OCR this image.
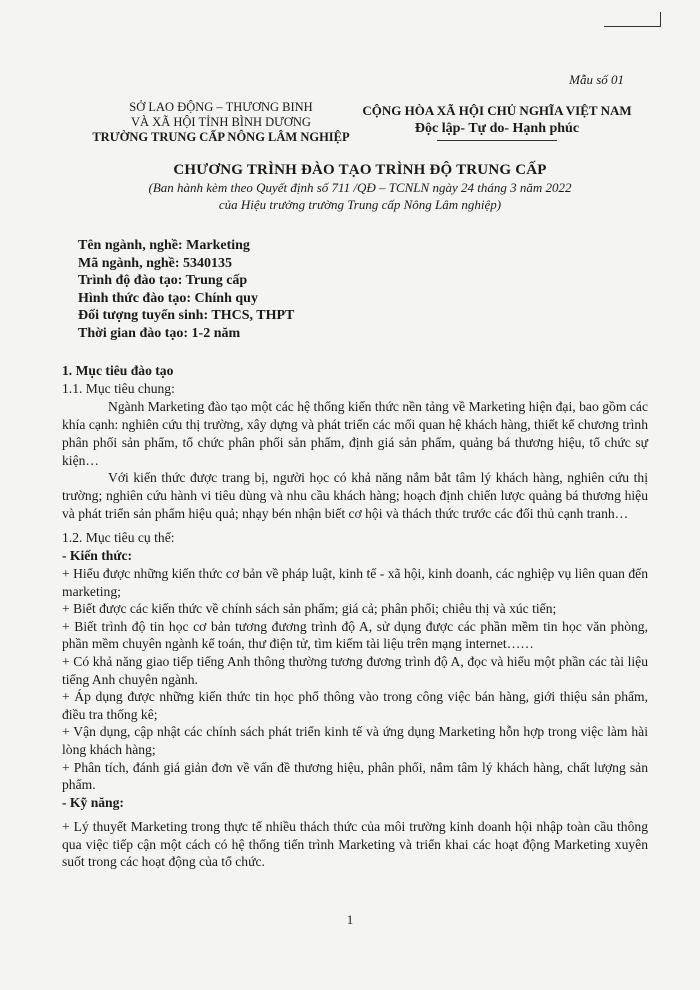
Mẫu số 01
SỞ LAO ĐỘNG – THƯƠNG BINH
VÀ XÃ HỘI TỈNH BÌNH DƯƠNG
TRƯỜNG TRUNG CẤP NÔNG LÂM NGHIỆP
CỘNG HÒA XÃ HỘI CHỦ NGHĨA VIỆT NAM
Độc lập- Tự do- Hạnh phúc
CHƯƠNG TRÌNH ĐÀO TẠO TRÌNH ĐỘ TRUNG CẤP
(Ban hành kèm theo Quyết định số 711 /QĐ – TCNLN ngày 24 tháng 3 năm 2022
của Hiệu trưởng trường Trung cấp Nông Lâm nghiệp)
Tên ngành, nghề: Marketing
Mã ngành, nghề: 5340135
Trình độ đào tạo: Trung cấp
Hình thức đào tạo: Chính quy
Đối tượng tuyển sinh: THCS, THPT
Thời gian đào tạo: 1-2 năm

1. Mục tiêu đào tạo

1.1. Mục tiêu chung:

Ngành Marketing đào tạo một các hệ thống kiến thức nền tảng về Marketing hiện đại, bao gồm các khía cạnh: nghiên cứu thị trường, xây dựng và phát triển các mối quan hệ khách hàng, thiết kế chương trình phân phối sản phẩm, tổ chức phân phối sản phẩm, định giá sản phẩm, quảng bá thương hiệu, tổ chức sự kiện…

Với kiến thức được trang bị, người học có khả năng nắm bắt tâm lý khách hàng, nghiên cứu thị trường; nghiên cứu hành vi tiêu dùng và nhu cầu khách hàng; hoạch định chiến lược quảng bá thương hiệu và phát triển sản phẩm hiệu quả; nhạy bén nhận biết cơ hội và thách thức trước các đối thủ cạnh tranh…

1.2. Mục tiêu cụ thể:

- Kiến thức:

+ Hiểu được những kiến thức cơ bản về pháp luật, kinh tế - xã hội, kinh doanh, các nghiệp vụ liên quan đến marketing;

+ Biết được các kiến thức về chính sách sản phẩm; giá cả; phân phối; chiêu thị và xúc tiến;

+ Biết trình độ tin học cơ bản tương đương trình độ A, sử dụng được các phần mềm tin học văn phòng, phần mềm chuyên ngành kế toán, thư điện tử, tìm kiếm tài liệu trên mạng internet……

+ Có khả năng giao tiếp tiếng Anh thông thường tương đương trình độ A, đọc và hiểu một phần các tài liệu tiếng Anh chuyên ngành.

+ Áp dụng được những kiến thức tin học phổ thông vào trong công việc bán hàng, giới thiệu sản phẩm, điều tra thống kê;

+ Vận dụng, cập nhật các chính sách phát triển kinh tế và ứng dụng Marketing hỗn hợp trong việc làm hài lòng khách hàng;

+ Phân tích, đánh giá giản đơn về vấn đề thương hiệu, phân phối, nắm tâm lý khách hàng, chất lượng sản phẩm.

- Kỹ năng:

+ Lý thuyết Marketing trong thực tế nhiều thách thức của môi trường kinh doanh hội nhập toàn cầu thông qua việc tiếp cận một cách có hệ thống tiến trình Marketing và triển khai các hoạt động Marketing xuyên suốt trong các hoạt động của tổ chức.

1
